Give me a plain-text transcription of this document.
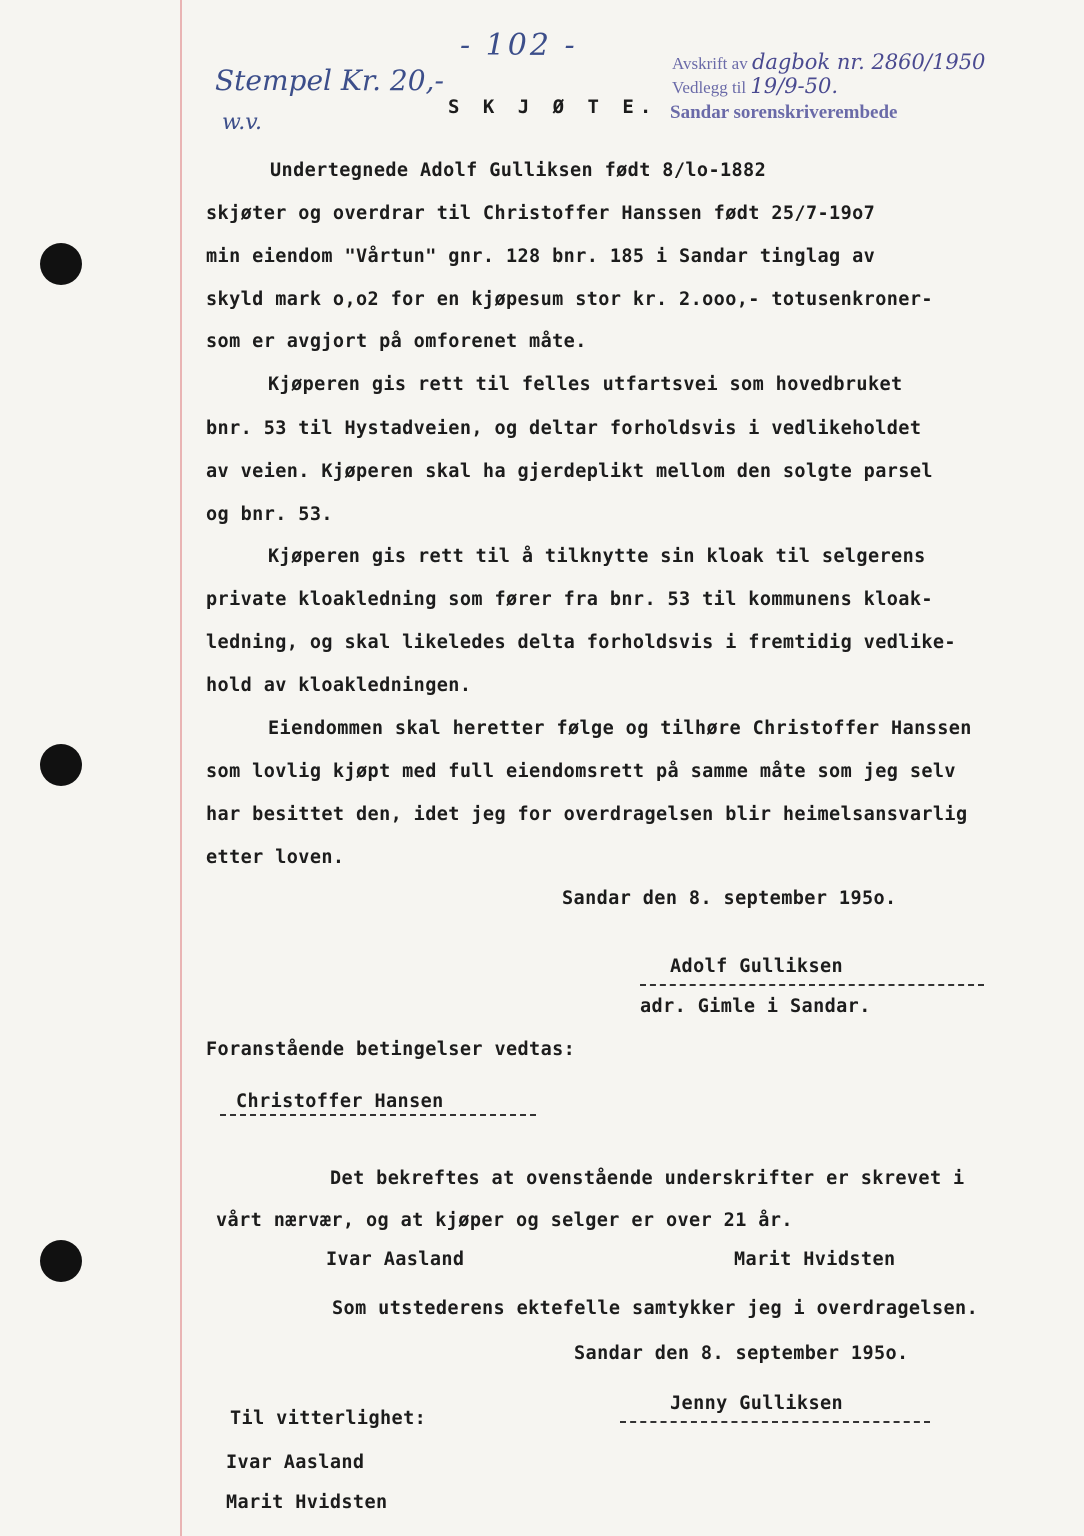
- 102 -
Stempel Kr. 20,-
w.v.
Avskrift av dagbok nr. 2860/1950
Vedlegg til 19/9-50.
Sandar sorenskriverembede
S K J Ø T E.
Undertegnede Adolf Gulliksen født 8/lo-1882
skjøter og overdrar til Christoffer Hanssen født 25/7-19o7
min eiendom "Vårtun" gnr. 128 bnr. 185 i Sandar tinglag av
skyld mark o,o2 for en kjøpesum stor kr. 2.ooo,- totusenkroner-
som er avgjort på omforenet måte.
Kjøperen gis rett til felles utfartsvei som hovedbruket
bnr. 53 til Hystadveien, og deltar forholdsvis i vedlikeholdet
av veien. Kjøperen skal ha gjerdeplikt mellom den solgte parsel
og bnr. 53.
Kjøperen gis rett til å tilknytte sin kloak til selgerens
private kloakledning som fører fra bnr. 53 til kommunens kloak-
ledning, og skal likeledes delta forholdsvis i fremtidig vedlike-
hold av kloakledningen.
Eiendommen skal heretter følge og tilhøre Christoffer Hanssen
som lovlig kjøpt med full eiendomsrett på samme måte som jeg selv
har besittet den, idet jeg for overdragelsen blir heimelsansvarlig
etter loven.
Sandar den 8. september 195o.
Adolf Gulliksen
adr. Gimle i Sandar.
Foranstående betingelser vedtas:
Christoffer Hansen
Det bekreftes at ovenstående underskrifter er skrevet i
vårt nærvær, og at kjøper og selger er over 21 år.
Ivar Aasland	Marit Hvidsten
Som utstederens ektefelle samtykker jeg i overdragelsen.
Sandar den 8. september 195o.
Jenny Gulliksen
Til vitterlighet:
Ivar Aasland
Marit Hvidsten
